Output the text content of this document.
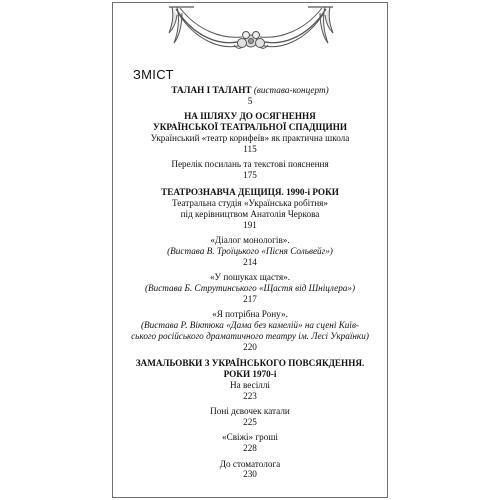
ЗМІСТ
ТАЛАН І ТАЛАНТ (вистава-концерт)
5
НА ШЛЯХУ ДО ОСЯГНЕННЯ
УКРАЇНСЬКОЇ ТЕАТРАЛЬНОЇ СПАДЩИНИ
Український «театр корифеїв» як практична школа
115
Перелік посилань та текстові пояснення
175
ТЕАТРОЗНАВЧА ДЕЩИЦЯ. 1990-і РОКИ
Театральна студія «Українська робітня»
під керівництвом Анатолія Черкова
191
«Діалог монологів».
(Вистава В. Троїцького «Пісня Сольвейг»)
214
«У пошуках щастя».
(Вистава Б. Струтинського «Щастя від Шніцлера»)
217
«Я потрібна Рону».
(Вистава Р. Віктюка «Дама без камелій» на сцені Київ-
ського російського драматичного театру ім. Лесі Українки)
220
ЗАМАЛЬОВКИ З УКРАЇНСЬКОГО ПОВСЯКДЕННЯ.
РОКИ 1970-і
На весіллі
223
Поні дєвочек катали
225
«Свіжі» гроші
228
До стоматолога
230
